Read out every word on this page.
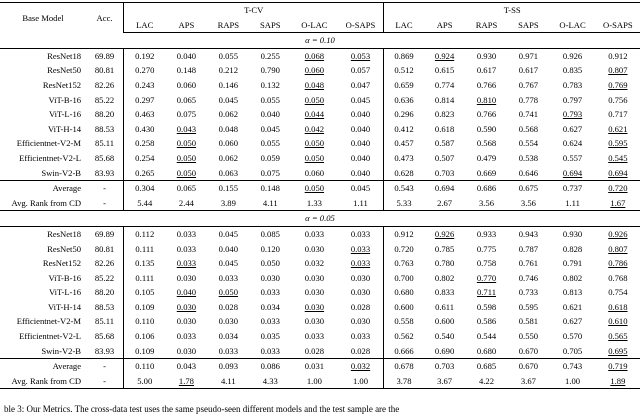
Base Model	Acc.	T-CV						T-SS					
		LAC	APS	RAPS	SAPS	O-LAC	O-SAPS	LAC	APS	RAPS	SAPS	O-LAC	O-SAPS
α = 0.10													
ResNet18	69.89	0.192	0.040	0.055	0.255	0.068	0.053	0.869	0.924	0.930	0.971	0.926	0.912
ResNet50	80.81	0.270	0.148	0.212	0.790	0.060	0.057	0.512	0.615	0.617	0.617	0.835	0.807
ResNet152	82.26	0.243	0.060	0.146	0.132	0.048	0.047	0.659	0.774	0.766	0.767	0.783	0.769
ViT-B-16	85.22	0.297	0.065	0.045	0.055	0.050	0.045	0.636	0.814	0.810	0.778	0.797	0.756
ViT-L-16	88.20	0.463	0.075	0.062	0.040	0.044	0.040	0.296	0.823	0.766	0.741	0.793	0.717
ViT-H-14	88.53	0.430	0.043	0.048	0.045	0.042	0.040	0.412	0.618	0.590	0.568	0.627	0.621
Efficientnet-V2-M	85.11	0.258	0.050	0.060	0.055	0.050	0.040	0.457	0.587	0.568	0.554	0.624	0.595
Efficientnet-V2-L	85.68	0.254	0.050	0.062	0.059	0.050	0.040	0.473	0.507	0.479	0.538	0.557	0.545
Swin-V2-B	83.93	0.265	0.050	0.063	0.075	0.060	0.040	0.628	0.703	0.669	0.646	0.694	0.694
Average	-	0.304	0.065	0.155	0.148	0.050	0.045	0.543	0.694	0.686	0.675	0.737	0.720
Avg. Rank from CD	-	5.44	2.44	3.89	4.11	1.33	1.11	5.33	2.67	3.56	3.56	1.11	1.67
α = 0.05													
ResNet18	69.89	0.112	0.033	0.045	0.085	0.033	0.033	0.912	0.926	0.933	0.943	0.930	0.926
ResNet50	80.81	0.111	0.033	0.040	0.120	0.030	0.033	0.720	0.785	0.775	0.787	0.828	0.807
ResNet152	82.26	0.135	0.033	0.045	0.050	0.032	0.033	0.763	0.780	0.758	0.761	0.791	0.786
ViT-B-16	85.22	0.111	0.030	0.033	0.030	0.030	0.030	0.700	0.802	0.770	0.746	0.802	0.768
ViT-L-16	88.20	0.105	0.040	0.050	0.033	0.030	0.030	0.680	0.833	0.711	0.733	0.813	0.754
ViT-H-14	88.53	0.109	0.030	0.028	0.034	0.030	0.028	0.600	0.611	0.598	0.595	0.621	0.618
Efficientnet-V2-M	85.11	0.110	0.030	0.030	0.033	0.030	0.030	0.558	0.600	0.586	0.581	0.627	0.610
Efficientnet-V2-L	85.68	0.106	0.033	0.034	0.035	0.033	0.033	0.562	0.540	0.544	0.550	0.570	0.565
Swin-V2-B	83.93	0.109	0.030	0.033	0.033	0.028	0.028	0.666	0.690	0.680	0.670	0.705	0.695
Average	-	0.110	0.043	0.093	0.086	0.031	0.032	0.678	0.703	0.685	0.670	0.743	0.719
Avg. Rank from CD	-	5.00	1.78	4.11	4.33	1.00	1.00	3.78	3.67	4.22	3.67	1.00	1.89
ble 3: Our Metrics. The cross-data test uses the same pseudo-seen different models and the test sample are the
